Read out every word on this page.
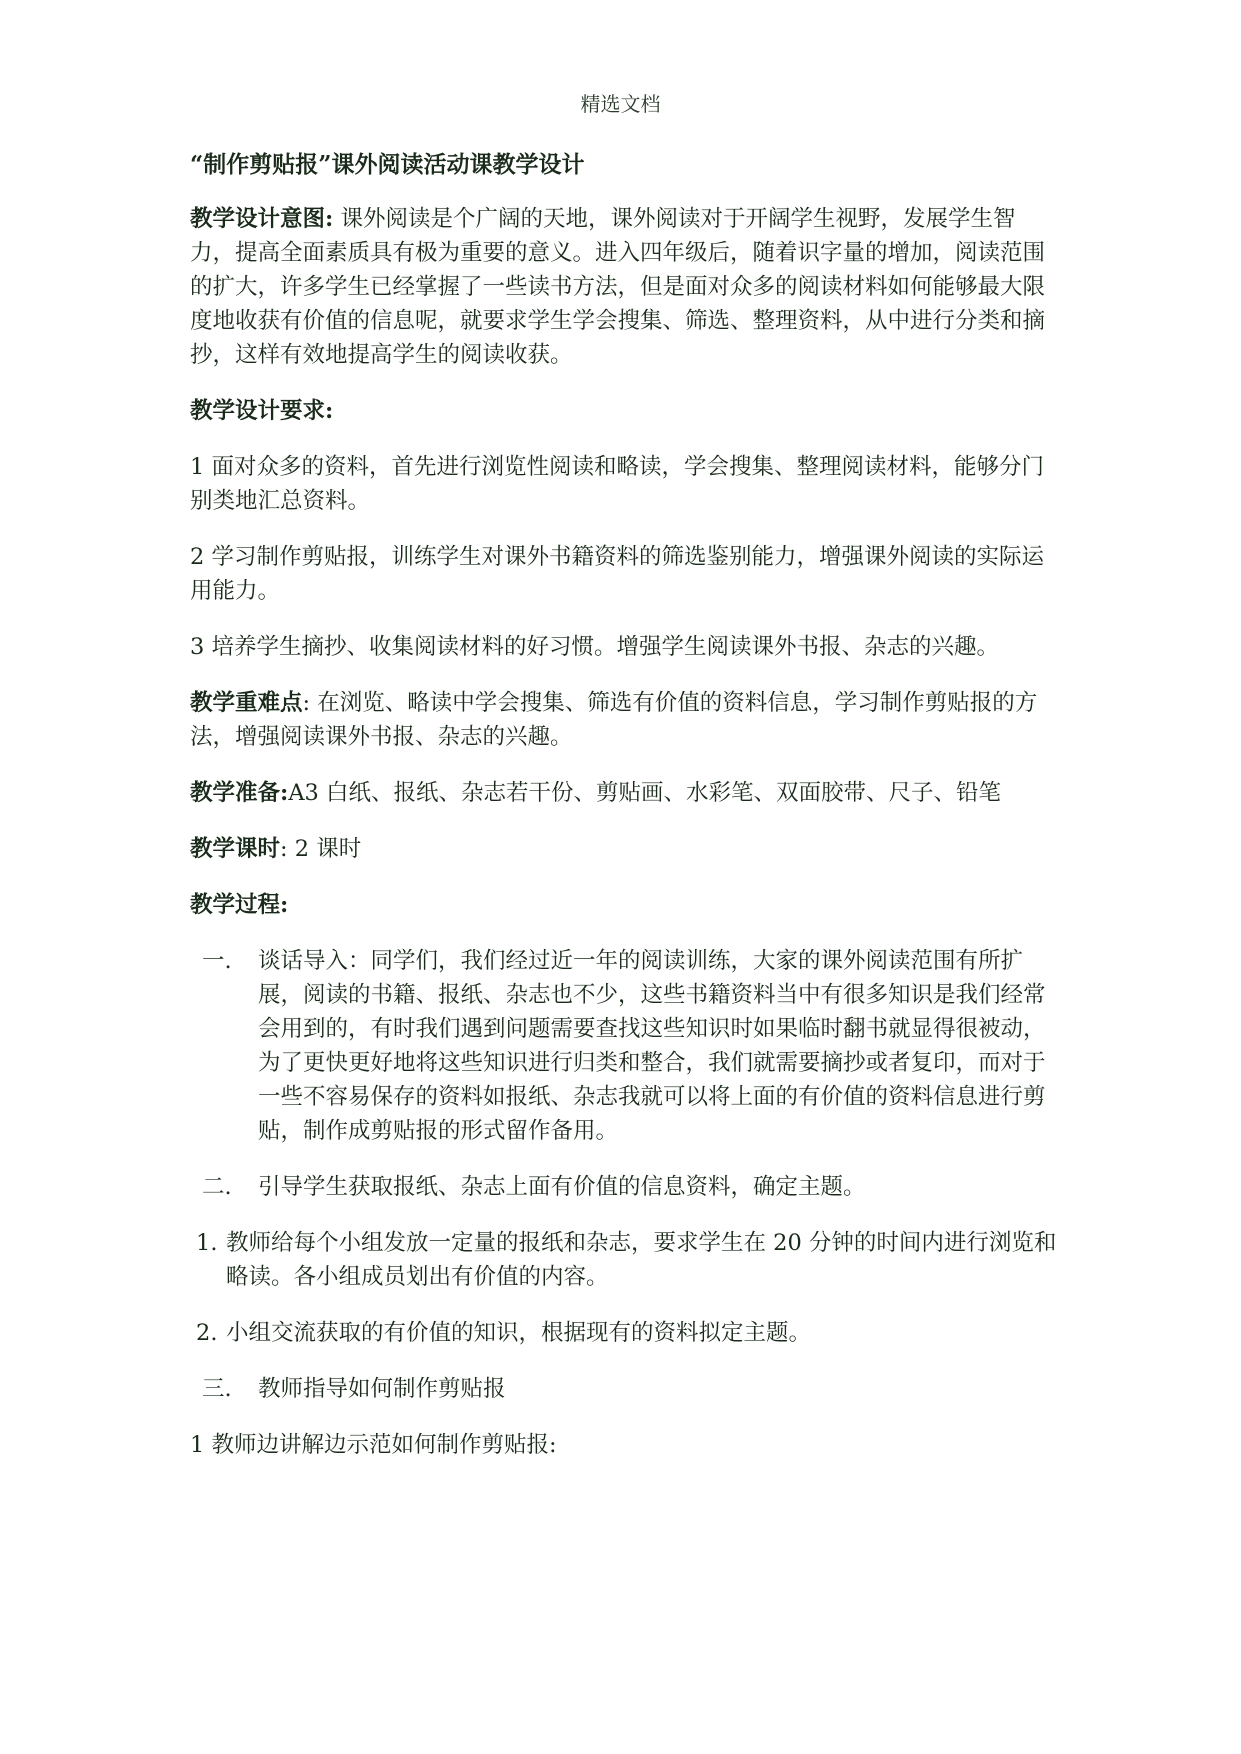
精选文档
“制作剪贴报”课外阅读活动课教学设计

教学设计意图: 课外阅读是个广阔的天地，课外阅读对于开阔学生视野，发展学生智力，提高全面素质具有极为重要的意义。进入四年级后，随着识字量的增加，阅读范围的扩大，许多学生已经掌握了一些读书方法，但是面对众多的阅读材料如何能够最大限度地收获有价值的信息呢，就要求学生学会搜集、筛选、整理资料，从中进行分类和摘抄，这样有效地提高学生的阅读收获。

教学设计要求:

1 面对众多的资料，首先进行浏览性阅读和略读，学会搜集、整理阅读材料，能够分门别类地汇总资料。

2 学习制作剪贴报，训练学生对课外书籍资料的筛选鉴别能力，增强课外阅读的实际运用能力。

3 培养学生摘抄、收集阅读材料的好习惯。增强学生阅读课外书报、杂志的兴趣。

教学重难点: 在浏览、略读中学会搜集、筛选有价值的资料信息，学习制作剪贴报的方法，增强阅读课外书报、杂志的兴趣。

教学准备:A3 白纸、报纸、杂志若干份、剪贴画、水彩笔、双面胶带、尺子、铅笔

教学课时: 2 课时

教学过程:

一. 谈话导入：同学们，我们经过近一年的阅读训练，大家的课外阅读范围有所扩展，阅读的书籍、报纸、杂志也不少，这些书籍资料当中有很多知识是我们经常会用到的，有时我们遇到问题需要查找这些知识时如果临时翻书就显得很被动，为了更快更好地将这些知识进行归类和整合，我们就需要摘抄或者复印，而对于一些不容易保存的资料如报纸、杂志我就可以将上面的有价值的资料信息进行剪贴，制作成剪贴报的形式留作备用。
二. 引导学生获取报纸、杂志上面有价值的信息资料，确定主题。
1. 教师给每个小组发放一定量的报纸和杂志，要求学生在 20 分钟的时间内进行浏览和略读。各小组成员划出有价值的内容。
2. 小组交流获取的有价值的知识，根据现有的资料拟定主题。
三. 教师指导如何制作剪贴报

1 教师边讲解边示范如何制作剪贴报:
